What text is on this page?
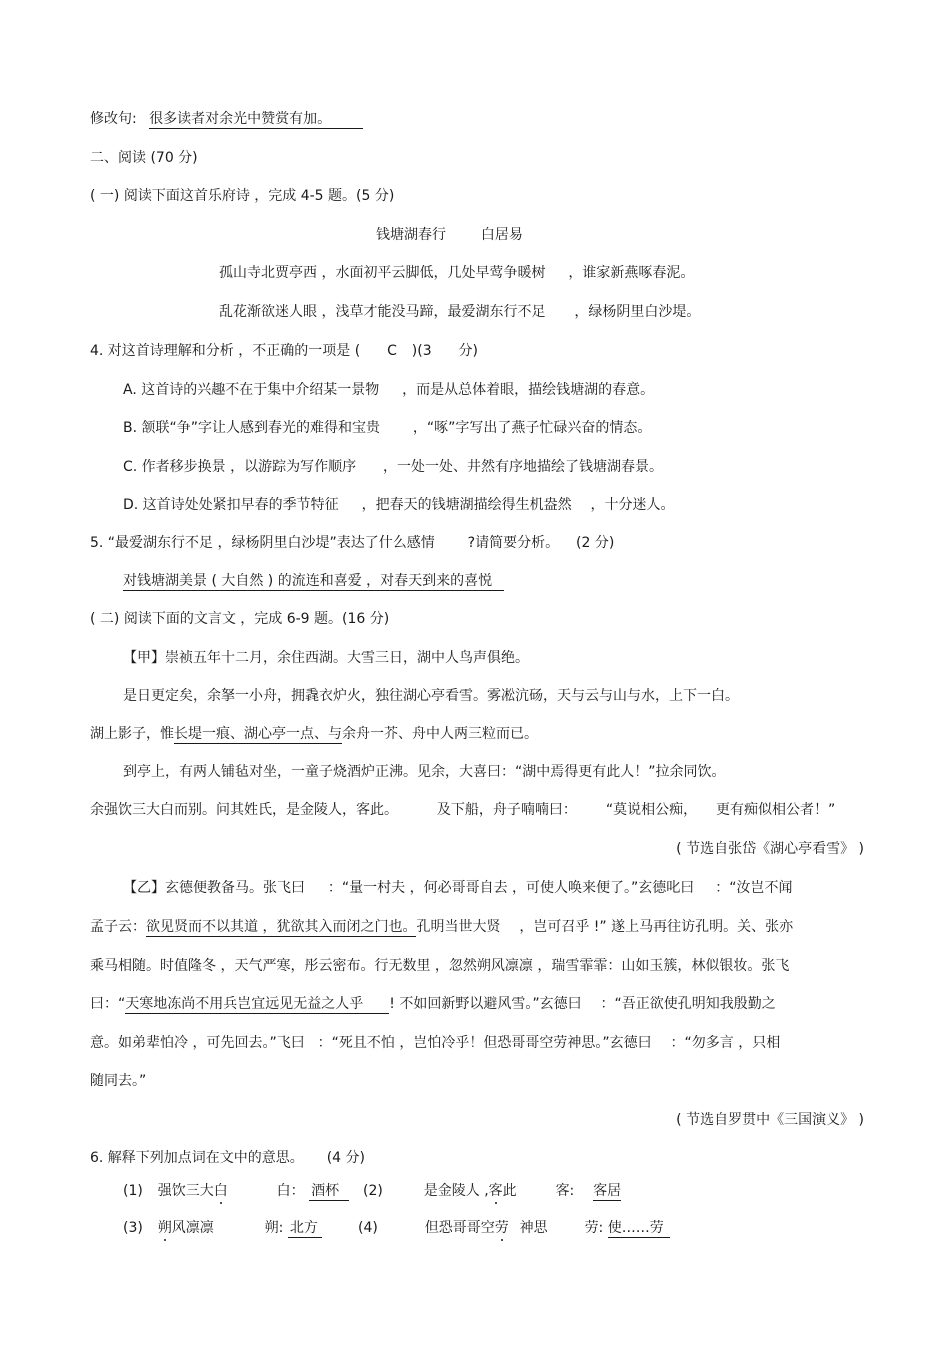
修改句: 很多读者对余光中赞赏有加。
二、阅读 (70 分)
( 一) 阅读下面这首乐府诗 ，完成 4-5 题。(5 分)
钱塘湖春行 白居易
孤山寺北贾亭西 ，水面初平云脚低，几处早莺争暖树 ，谁家新燕啄春泥。
乱花渐欲迷人眼 ，浅草才能没马蹄，最爱湖东行不足 ，绿杨阴里白沙堤。
4. 对这首诗理解和分析 ，不正确的一项是 ( C )(3 分)
A. 这首诗的兴趣不在于集中介绍某一景物 ，而是从总体着眼，描绘钱塘湖的春意。
B. 颔联“争”字让人感到春光的难得和宝贵 ，“啄”字写出了燕子忙碌兴奋的情态。
C. 作者移步换景 ，以游踪为写作顺序 ，一处一处、井然有序地描绘了钱塘湖春景。
D. 这首诗处处紧扣早春的季节特征 ，把春天的钱塘湖描绘得生机盎然 ，十分迷人。
5. “最爱湖东行不足 ，绿杨阴里白沙堤”表达了什么感情 ?请简要分析。 (2 分)
对钱塘湖美景 ( 大自然 ) 的流连和喜爱 ，对春天到来的喜悦
( 二) 阅读下面的文言文 ，完成 6-9 题。(16 分)
【甲】崇祯五年十二月，余住西湖。大雪三日，湖中人鸟声俱绝。
是日更定矣，余拏一小舟，拥毳衣炉火，独往湖心亭看雪。雾凇沆砀，天与云与山与水，上下一白。
湖上影子，惟长堤一痕、湖心亭一点、与余舟一芥、舟中人两三粒而已。
到亭上，有两人铺毡对坐，一童子烧酒炉正沸。见余，大喜曰：“湖中焉得更有此人！”拉余同饮。
余强饮三大白而别。问其姓氏，是金陵人，客此。	及下船，舟子喃喃曰： “莫说相公痴， 更有痴似相公者！”
( 节选自张岱《湖心亭看雪》 )
【乙】玄德便教备马。张飞曰 ：“量一村夫 ，何必哥哥自去 ，可使人唤来便了。”玄德叱曰 ：“汝岂不闻
孟子云：欲见贤而不以其道 ，犹欲其入而闭之门也。孔明当世大贤 ，岂可召乎 !” 遂上马再往访孔明。关、张亦
乘马相随。时值隆冬 ，天气严寒，彤云密布。行无数里 ，忽然朔风凛凛 ，瑞雪霏霏：山如玉簇，林似银妆。张飞
曰：“天寒地冻尚不用兵岂宜远见无益之人乎 ! 不如回新野以避风雪。”玄德曰 ：“吾正欲使孔明知我殷勤之
意。如弟辈怕冷 ，可先回去。”飞曰 ：“死且不怕 ，岂怕冷乎！但恐哥哥空劳神思。”玄德曰 ：“勿多言 ，只相
随同去。”
( 节选自罗贯中《三国演义》 )
6. 解释下列加点词在文中的意思。 (4 分)
(1) 强饮三大白	白： 酒杯	(2)	是金陵人 ,客此	客: 客居
(3) 朔风凛凛	朔: 北方	(4)	但恐哥哥空劳 神思	劳: 使……劳
